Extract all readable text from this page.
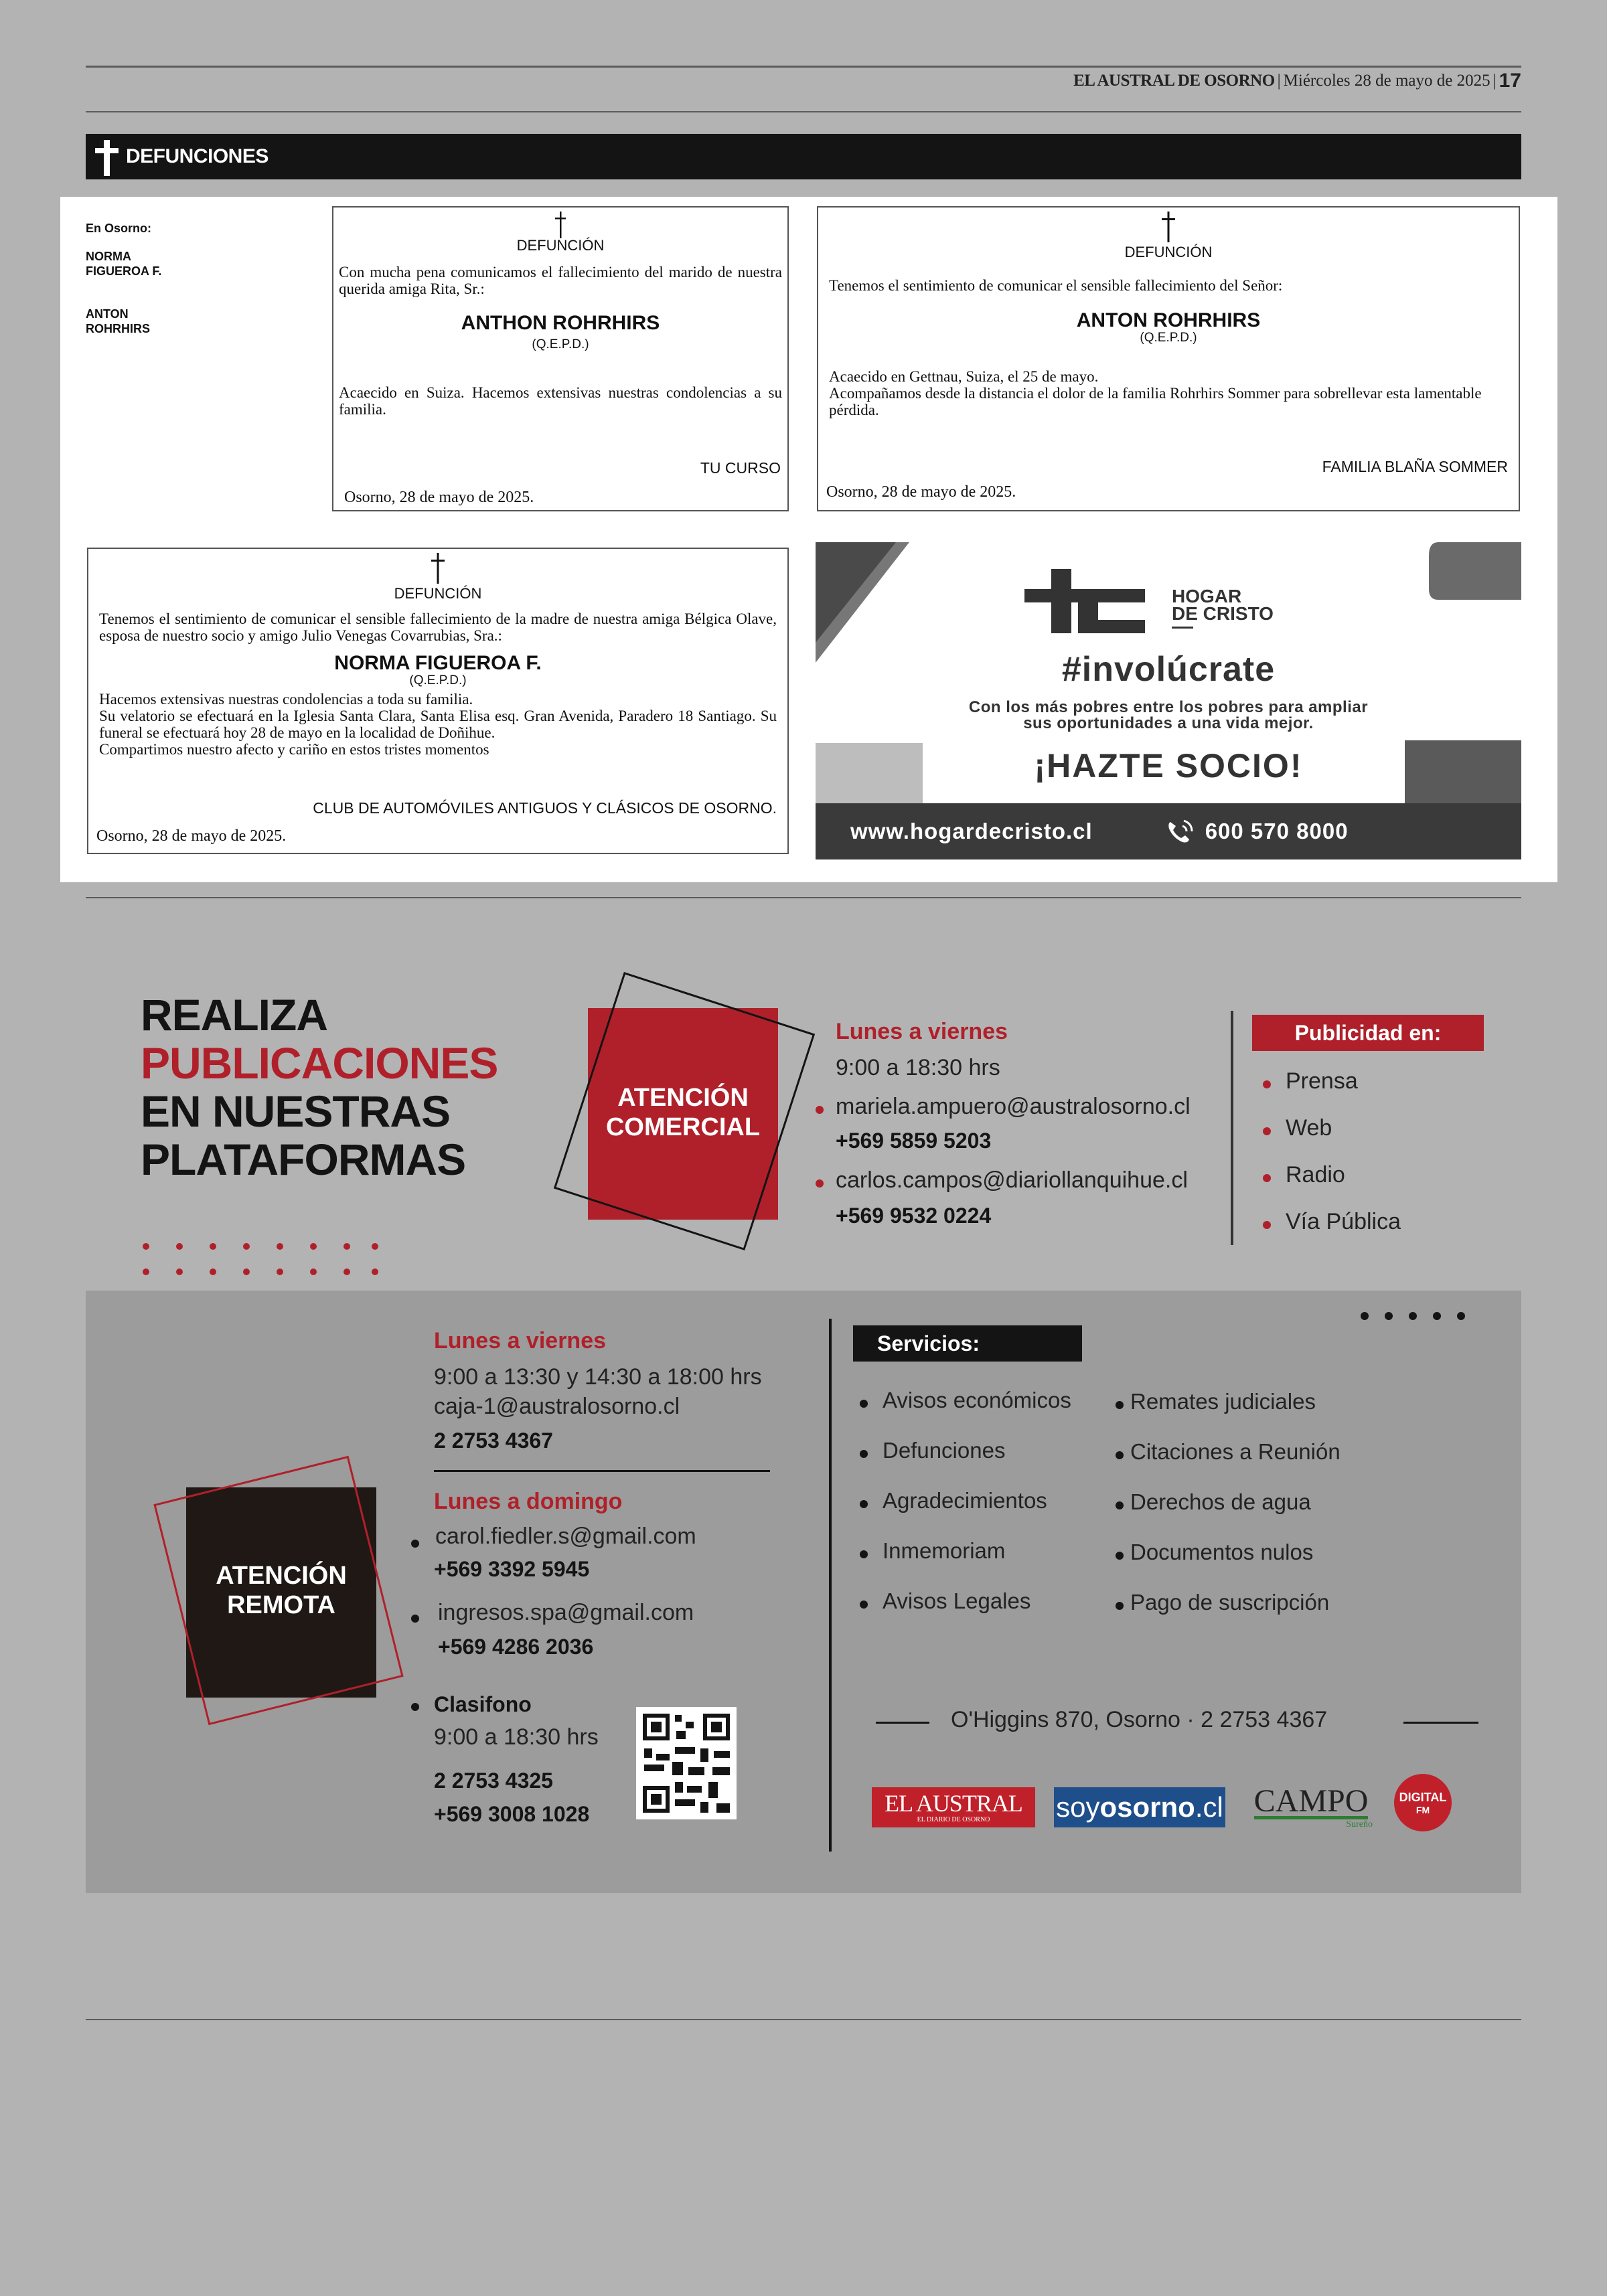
EL AUSTRAL DE OSORNO | Miércoles 28 de mayo de 2025 | 17
DEFUNCIONES
En Osorno:
NORMA
FIGUEROA F.
ANTON
ROHRHIRS
DEFUNCIÓN

Con mucha pena comunicamos el fallecimiento del marido de nuestra querida amiga Rita, Sr.:

ANTHON ROHRHIRS
(Q.E.P.D.)

Acaecido en Suiza. Hacemos extensivas nuestras condolencias a su familia.

TU CURSO
Osorno, 28 de mayo de 2025.
DEFUNCIÓN

Tenemos el sentimiento de comunicar el sensible fallecimiento del Señor:

ANTON ROHRHIRS
(Q.E.P.D.)
Acaecido en Gettnau, Suiza, el 25 de mayo.
Acompañamos desde la distancia el dolor de la familia Rohrhirs Sommer para sobrellevar esta lamentable pérdida.
FAMILIA BLAÑA SOMMER
Osorno, 28 de mayo de 2025.
DEFUNCIÓN

Tenemos el sentimiento de comunicar el sensible fallecimiento de la madre de nuestra amiga Bélgica Olave, esposa de nuestro socio y amigo Julio Venegas Covarrubias, Sra.:

NORMA FIGUEROA F.
(Q.E.P.D.)
Hacemos extensivas nuestras condolencias a toda su familia.
Su velatorio se efectuará en la Iglesia Santa Clara, Santa Elisa esq. Gran Avenida, Paradero 18 Santiago. Su funeral se efectuará hoy 28 de mayo en la localidad de Doñihue.
Compartimos nuestro afecto y cariño en estos tristes momentos
CLUB DE AUTOMÓVILES ANTIGUOS Y CLÁSICOS DE OSORNO.
Osorno, 28 de mayo de 2025.
HOGAR
DE CRISTO
#involúcrate
Con los más pobres entre los pobres para ampliar
sus oportunidades a una vida mejor.
¡HAZTE SOCIO!
www.hogardecristo.cl	600 570 8000
REALIZA
PUBLICACIONES
EN NUESTRAS
PLATAFORMAS
ATENCIÓN
COMERCIAL
Lunes a viernes
9:00 a 18:30 hrs
mariela.ampuero@australosorno.cl
+569 5859 5203
carlos.campos@diariollanquihue.cl
+569 9532 0224
Publicidad en:
Prensa
Web
Radio
Vía Pública
ATENCIÓN
REMOTA
Lunes a viernes
9:00 a 13:30 y 14:30 a 18:00 hrs
caja-1@australosorno.cl
2 2753 4367
Lunes a domingo
carol.fiedler.s@gmail.com
+569 3392 5945
ingresos.spa@gmail.com
+569 4286 2036
Clasifono
9:00 a 18:30 hrs
2 2753 4325
+569 3008 1028
Servicios:
Avisos económicos
Defunciones
Agradecimientos
Inmemoriam
Avisos Legales
Remates judiciales
Citaciones a Reunión
Derechos de agua
Documentos nulos
Pago de suscripción
O'Higgins 870, Osorno · 2 2753 4367
EL AUSTRAL
EL DIARIO DE OSORNO soy osorno .cl CAMPO
Sureño
DIGITAL
FM
